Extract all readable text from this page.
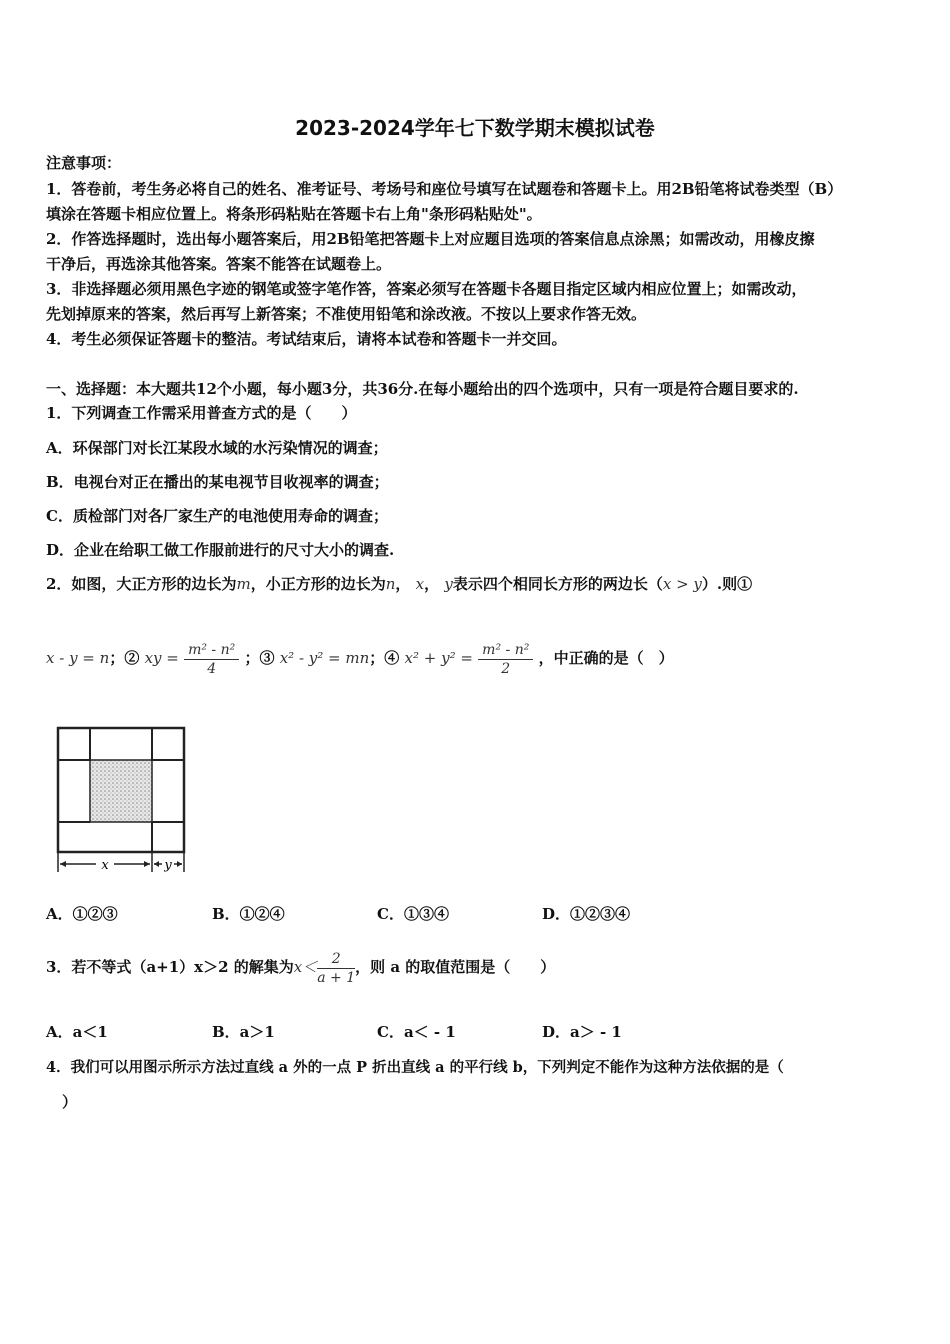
2023-2024学年七下数学期末模拟试卷
注意事项：
1．答卷前，考生务必将自己的姓名、准考证号、考场号和座位号填写在试题卷和答题卡上。用2B铅笔将试卷类型（B）
填涂在答题卡相应位置上。将条形码粘贴在答题卡右上角"条形码粘贴处"。
2．作答选择题时，选出每小题答案后，用2B铅笔把答题卡上对应题目选项的答案信息点涂黑；如需改动，用橡皮擦
干净后，再选涂其他答案。答案不能答在试题卷上。
3．非选择题必须用黑色字迹的钢笔或签字笔作答，答案必须写在答题卡各题目指定区域内相应位置上；如需改动，
先划掉原来的答案，然后再写上新答案；不准使用铅笔和涂改液。不按以上要求作答无效。
4．考生必须保证答题卡的整洁。考试结束后，请将本试卷和答题卡一并交回。
一、选择题：本大题共12个小题，每小题3分，共36分.在每小题给出的四个选项中，只有一项是符合题目要求的.
1．下列调查工作需采用普查方式的是（　　）
A．环保部门对长江某段水域的水污染情况的调查；
B．电视台对正在播出的某电视节目收视率的调查；
C．质检部门对各厂家生产的电池使用寿命的调查；
D．企业在给职工做工作服前进行的尺寸大小的调查.
2．如图，大正方形的边长为m，小正方形的边长为n， x， y表示四个相同长方形的两边长（x > y）.则①
x - y = n；② xy = $\frac{\text{m² - n²}}{4}$ ；③ x² - y² = mn；④ $x^2 + y^2 = \frac{\text{m² - n²}}{2}$ ，中正确的是（　）
x	y
A．①②③	B．①②④	C．①③④	D．①②③④
3．若不等式（a+1）x＞2 的解集为$x< \frac{2}{a + 1}$ ，则 a 的取值范围是（　　）
A．a＜1	B．a＞1	C．a＜ - 1	D．a＞ - 1
4．我们可以用图示所示方法过直线 a 外的一点 P 折出直线 a 的平行线 b，下列判定不能作为这种方法依据的是（
）
